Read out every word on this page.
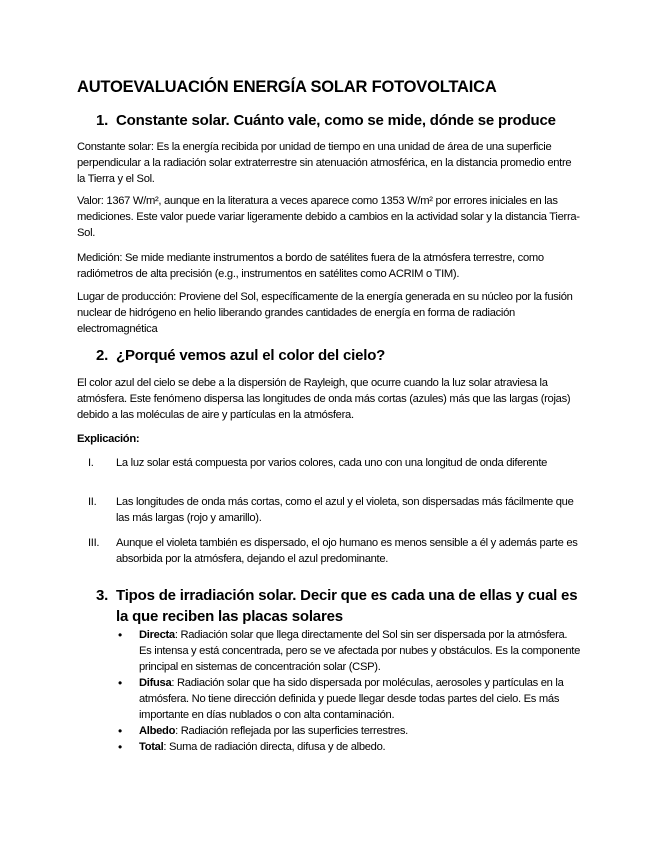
AUTOEVALUACIÓN ENERGÍA SOLAR FOTOVOLTAICA
1. Constante solar. Cuánto vale, como se mide, dónde se produce

Constante solar: Es la energía recibida por unidad de tiempo en una unidad de área de una superficie perpendicular a la radiación solar extraterrestre sin atenuación atmosférica, en la distancia promedio entre la Tierra y el Sol.

Valor: 1367 W/m², aunque en la literatura a veces aparece como 1353 W/m² por errores iniciales en las mediciones. Este valor puede variar ligeramente debido a cambios en la actividad solar y la distancia Tierra-Sol.

Medición: Se mide mediante instrumentos a bordo de satélites fuera de la atmósfera terrestre, como radiómetros de alta precisión (e.g., instrumentos en satélites como ACRIM o TIM).

Lugar de producción: Proviene del Sol, específicamente de la energía generada en su núcleo por la fusión nuclear de hidrógeno en helio liberando grandes cantidades de energía en forma de radiación electromagnética

2. ¿Porqué vemos azul el color del cielo?

El color azul del cielo se debe a la dispersión de Rayleigh, que ocurre cuando la luz solar atraviesa la atmósfera. Este fenómeno dispersa las longitudes de onda más cortas (azules) más que las largas (rojas) debido a las moléculas de aire y partículas en la atmósfera.

Explicación:

I. La luz solar está compuesta por varios colores, cada uno con una longitud de onda diferente
II. Las longitudes de onda más cortas, como el azul y el violeta, son dispersadas más fácilmente que las más largas (rojo y amarillo).
III. Aunque el violeta también es dispersado, el ojo humano es menos sensible a él y además parte es absorbida por la atmósfera, dejando el azul predominante.
3. Tipos de irradiación solar. Decir que es cada una de ellas y cual es
la que reciben las placas solares
• Directa: Radiación solar que llega directamente del Sol sin ser dispersada por la atmósfera. Es intensa y está concentrada, pero se ve afectada por nubes y obstáculos. Es la componente principal en sistemas de concentración solar (CSP).
• Difusa: Radiación solar que ha sido dispersada por moléculas, aerosoles y partículas en la atmósfera. No tiene dirección definida y puede llegar desde todas partes del cielo. Es más importante en días nublados o con alta contaminación.
• Albedo: Radiación reflejada por las superficies terrestres.
• Total: Suma de radiación directa, difusa y de albedo.
